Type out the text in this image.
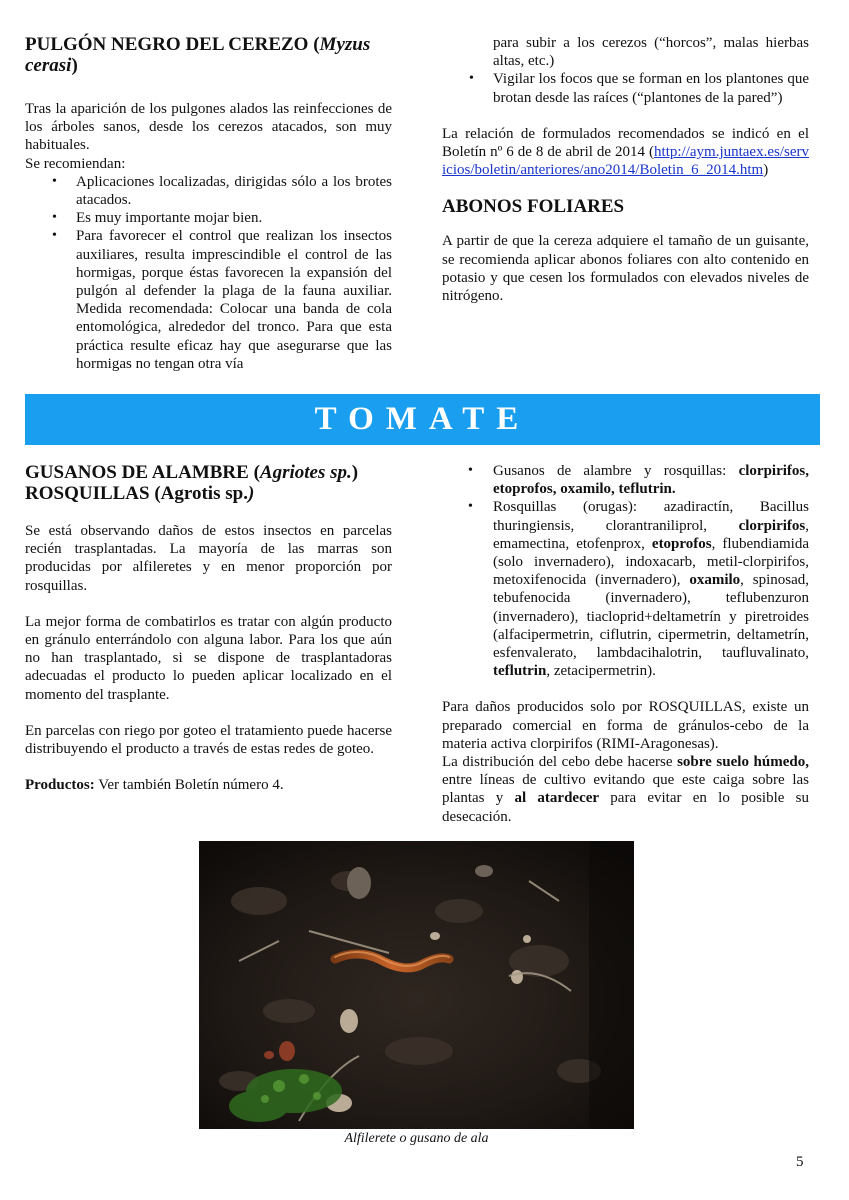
PULGÓN NEGRO DEL CEREZO (Myzus cerasi)

Tras la aparición de los pulgones alados las reinfecciones de los árboles sanos, desde los cerezos atacados, son muy habituales.

Se recomiendan:

• Aplicaciones localizadas, dirigidas sólo a los brotes atacados.
• Es muy importante mojar bien.
• Para favorecer el control que realizan los insectos auxiliares, resulta imprescindible el control de las hormigas, porque éstas favorecen la expansión del pulgón al defender la plaga de la fauna auxiliar. Medida recomendada: Colocar una banda de cola entomológica, alrededor del tronco. Para que esta práctica resulte eficaz hay que asegurarse que las hormigas no tengan otra vía

para subir a los cerezos (“horcos”, malas hierbas altas, etc.)

• Vigilar los focos que se forman en los plantones que brotan desde las raíces (“plantones de la pared”)

La relación de formulados recomendados se indicó en el Boletín nº 6 de 8 de abril de 2014 (http://aym.juntaex.es/servicios/boletin/anteriores/ano2014/Boletin_6_2014.htm)

ABONOS FOLIARES

A partir de que la cereza adquiere el tamaño de un guisante, se recomienda aplicar abonos foliares con alto contenido en potasio y que cesen los formulados con elevados niveles de nitrógeno.

TOMATE
GUSANOS DE ALAMBRE (Agriotes sp.)
ROSQUILLAS (Agrotis sp.)

Se está observando daños de estos insectos en parcelas recién trasplantadas. La mayoría de las marras son producidas por alfileretes y en menor proporción por rosquillas.

La mejor forma de combatirlos es tratar con algún producto en gránulo enterrándolo con alguna labor. Para los que aún no han trasplantado, si se dispone de trasplantadoras adecuadas el producto lo pueden aplicar localizado en el momento del trasplante.

En parcelas con riego por goteo el tratamiento puede hacerse distribuyendo el producto a través de estas redes de goteo.

Productos: Ver también Boletín número 4.

• Gusanos de alambre y rosquillas: clorpirifos, etoprofos, oxamilo, teflutrin.
• Rosquillas (orugas): azadiractín, Bacillus thuringiensis, clorantraniliprol, clorpirifos, emamectina, etofenprox, etoprofos, flubendiamida (solo invernadero), indoxacarb, metil-clorpirifos, metoxifenocida (invernadero), oxamilo, spinosad, tebufenocida (invernadero), teflubenzuron (invernadero), tiacloprid+deltametrín y piretroides (alfacipermetrin, ciflutrin, cipermetrin, deltametrín, esfenvalerato, lambdacihalotrin, taufluvalinato, teflutrin, zetacipermetrin).

Para daños producidos solo por ROSQUILLAS, existe un preparado comercial en forma de gránulos-cebo de la materia activa clorpirifos (RIMI-Aragonesas).

La distribución del cebo debe hacerse sobre suelo húmedo, entre líneas de cultivo evitando que este caiga sobre las plantas y al atardecer para evitar en lo posible su desecación.

Alfilerete o gusano de ala
5
